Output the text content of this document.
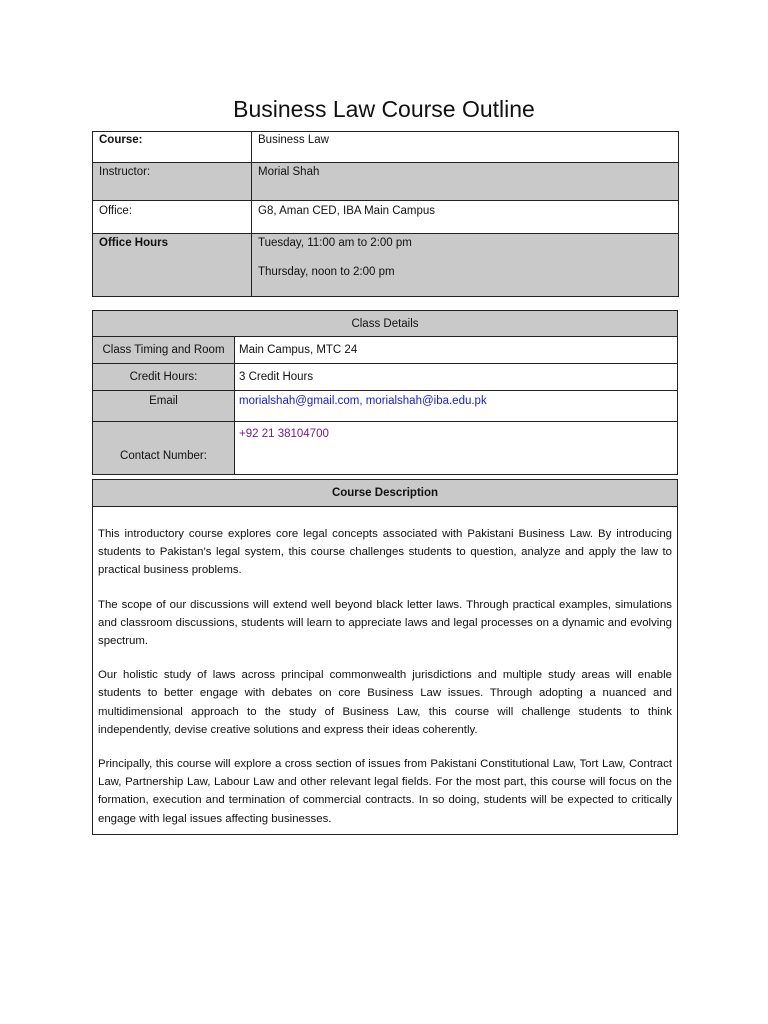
Business Law Course Outline
Course:	Business Law
Instructor:	Morial Shah
Office:	G8, Aman CED, IBA Main Campus
Office Hours	Tuesday, 11:00 am to 2:00 pm
Thursday, noon to 2:00 pm
Class Details	
Class Timing and Room	Main Campus, MTC 24
Credit Hours:	3 Credit Hours
Email	morialshah@gmail.com, morialshah@iba.edu.pk
Contact Number:	+92 21 38104700
Course Description

This introductory course explores core legal concepts associated with Pakistani Business Law. By introducing students to Pakistan’s legal system, this course challenges students to question, analyze and apply the law to practical business problems.

The scope of our discussions will extend well beyond black letter laws. Through practical examples, simulations and classroom discussions, students will learn to appreciate laws and legal processes on a dynamic and evolving spectrum.

Our holistic study of laws across principal commonwealth jurisdictions and multiple study areas will enable students to better engage with debates on core Business Law issues. Through adopting a nuanced and multidimensional approach to the study of Business Law, this course will challenge students to think independently, devise creative solutions and express their ideas coherently.

Principally, this course will explore a cross section of issues from Pakistani Constitutional Law, Tort Law, Contract Law, Partnership Law, Labour Law and other relevant legal fields. For the most part, this course will focus on the formation, execution and termination of commercial contracts. In so doing, students will be expected to critically engage with legal issues affecting businesses.
